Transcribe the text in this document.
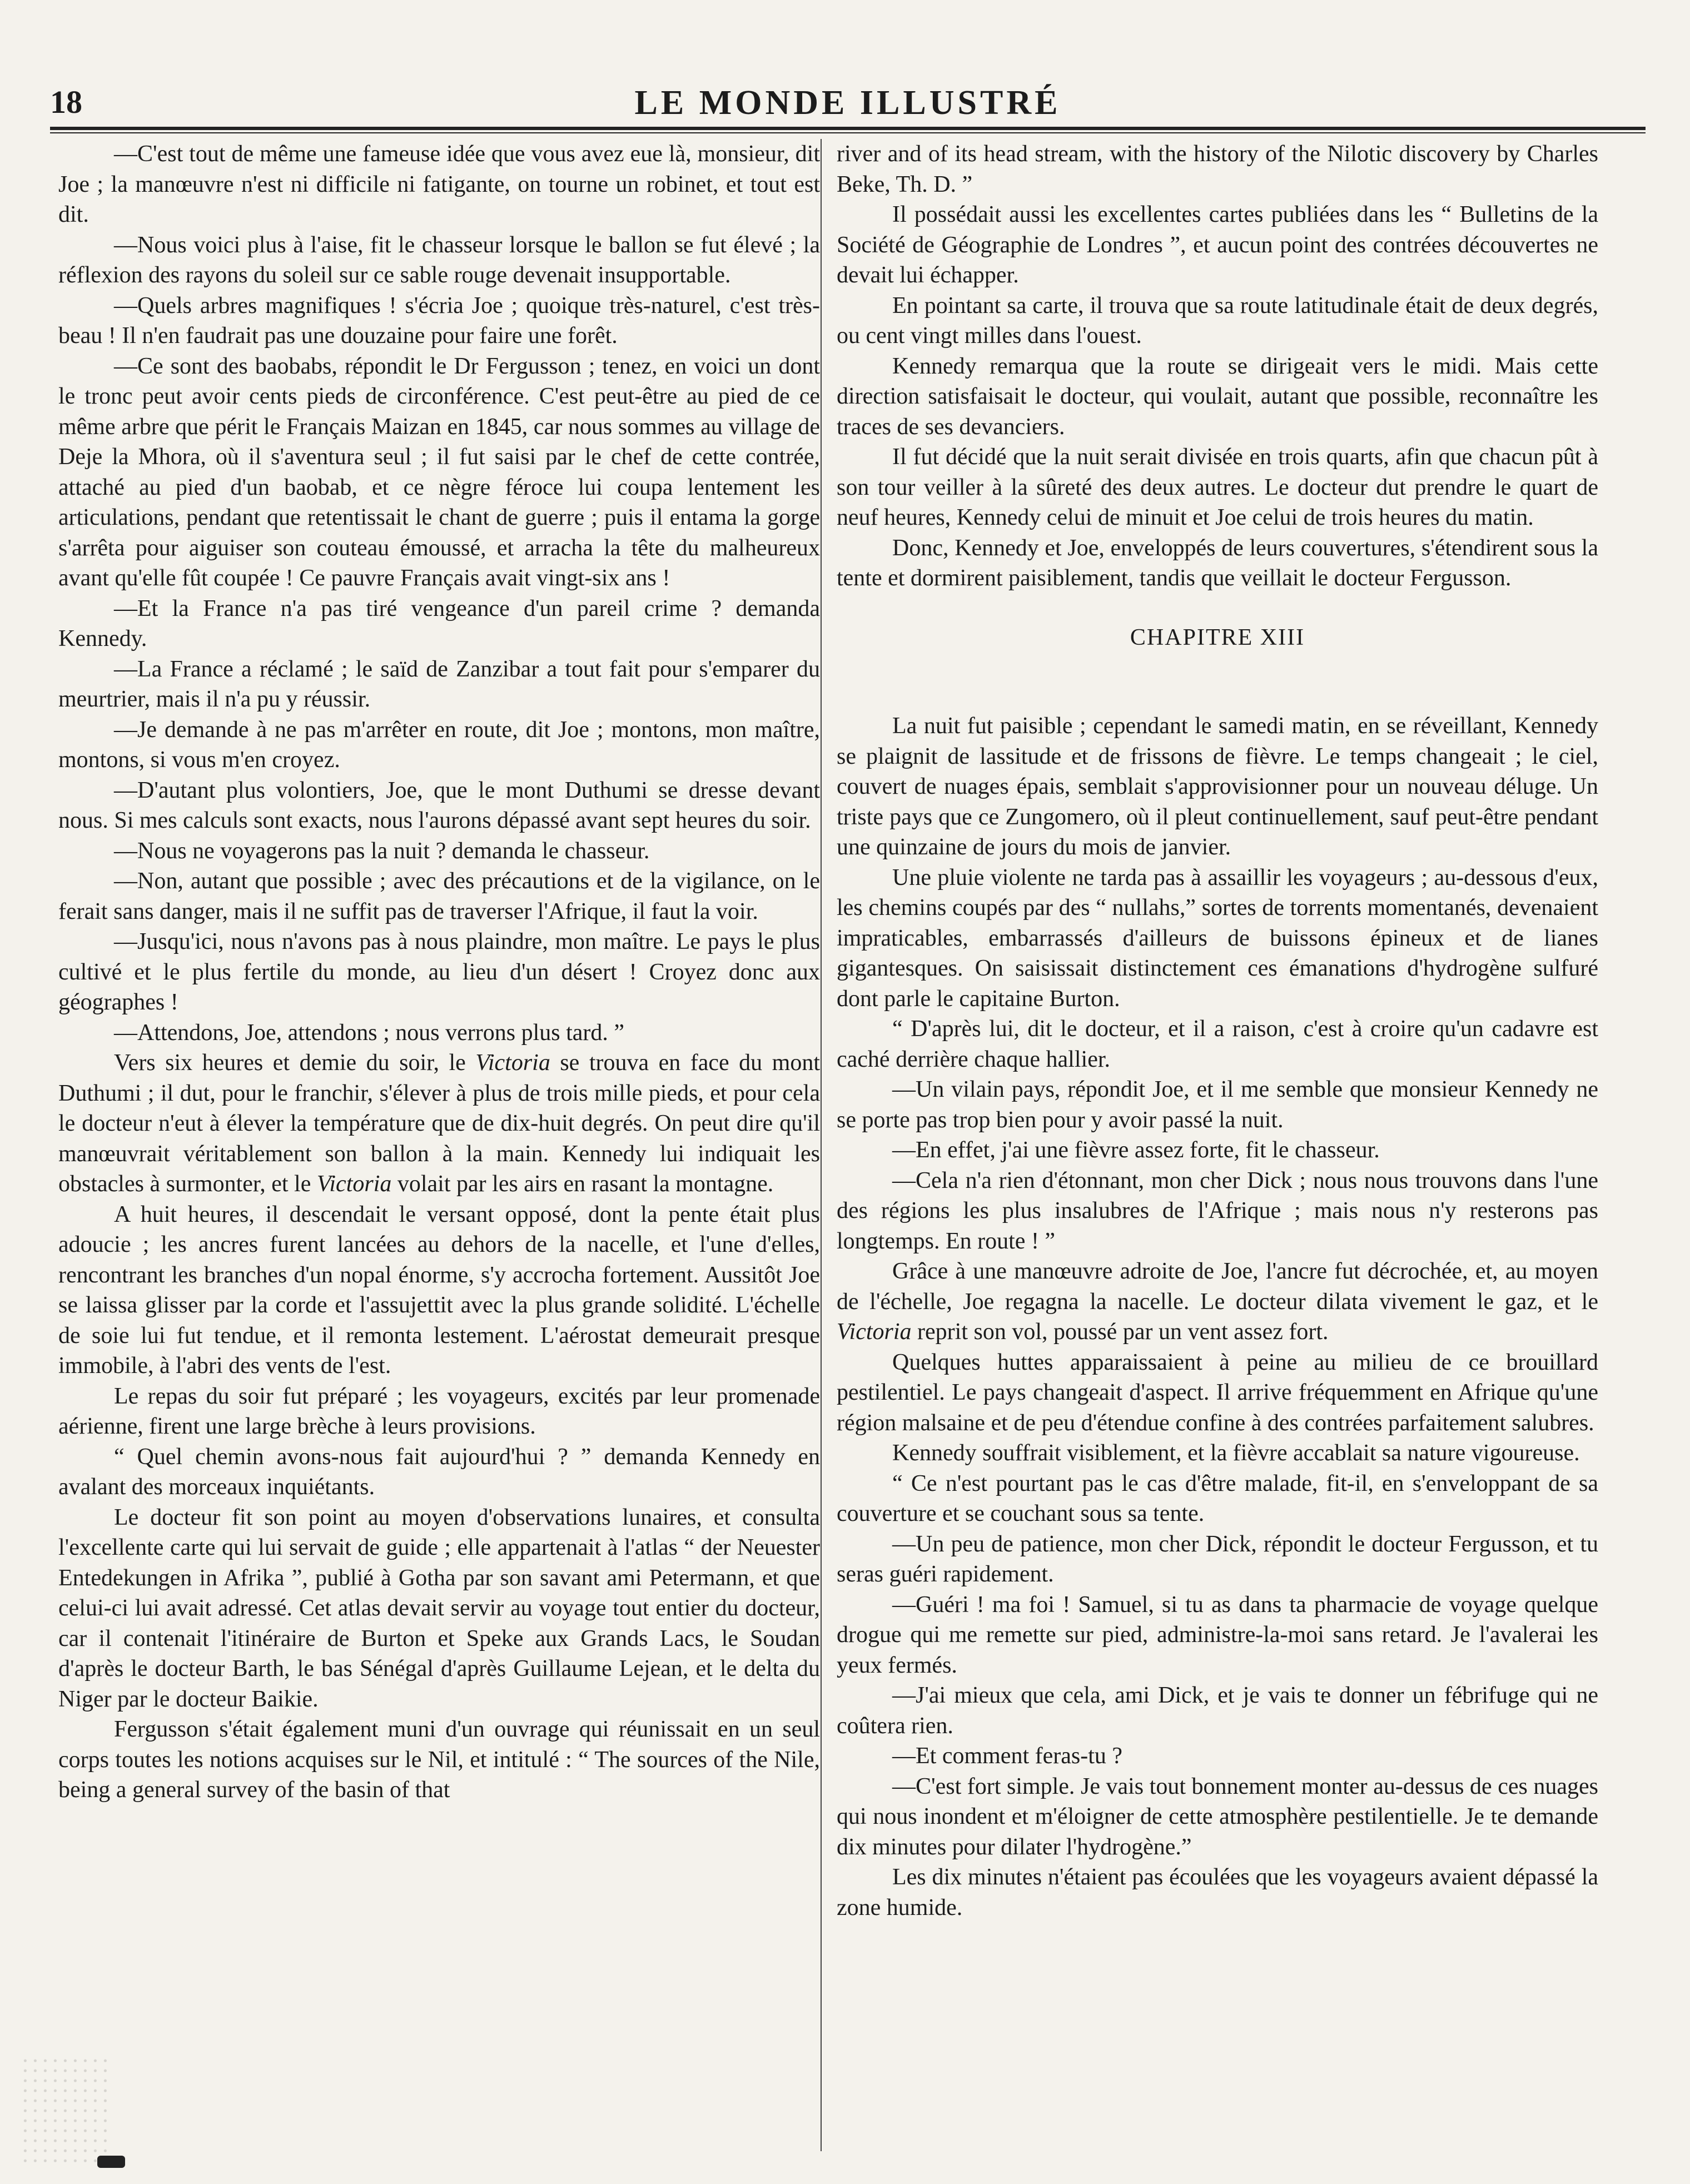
18	LE MONDE ILLUSTRÉ

—C'est tout de même une fameuse idée que vous avez eue là, monsieur, dit Joe ; la manœuvre n'est ni difficile ni fatigante, on tourne un robinet, et tout est dit.

—Nous voici plus à l'aise, fit le chasseur lorsque le ballon se fut élevé ; la réflexion des rayons du soleil sur ce sable rouge devenait insupportable.

—Quels arbres magnifiques ! s'écria Joe ; quoique très-naturel, c'est très-beau ! Il n'en faudrait pas une douzaine pour faire une forêt.

—Ce sont des baobabs, répondit le Dr Fergusson ; tenez, en voici un dont le tronc peut avoir cents pieds de circonférence. C'est peut-être au pied de ce même arbre que périt le Français Maizan en 1845, car nous sommes au village de Deje la Mhora, où il s'aventura seul ; il fut saisi par le chef de cette contrée, attaché au pied d'un baobab, et ce nègre féroce lui coupa lentement les articulations, pendant que retentissait le chant de guerre ; puis il entama la gorge s'arrêta pour aiguiser son couteau émoussé, et arracha la tête du malheureux avant qu'elle fût coupée ! Ce pauvre Français avait vingt-six ans !

—Et la France n'a pas tiré vengeance d'un pareil crime ? demanda Kennedy.

—La France a réclamé ; le saïd de Zanzibar a tout fait pour s'emparer du meurtrier, mais il n'a pu y réussir.

—Je demande à ne pas m'arrêter en route, dit Joe ; montons, mon maître, montons, si vous m'en croyez.

—D'autant plus volontiers, Joe, que le mont Duthumi se dresse devant nous. Si mes calculs sont exacts, nous l'aurons dépassé avant sept heures du soir.

—Nous ne voyagerons pas la nuit ? demanda le chasseur.

—Non, autant que possible ; avec des précautions et de la vigilance, on le ferait sans danger, mais il ne suffit pas de traverser l'Afrique, il faut la voir.

—Jusqu'ici, nous n'avons pas à nous plaindre, mon maître. Le pays le plus cultivé et le plus fertile du monde, au lieu d'un désert ! Croyez donc aux géographes !

—Attendons, Joe, attendons ; nous verrons plus tard. ”

Vers six heures et demie du soir, le Victoria se trouva en face du mont Duthumi ; il dut, pour le franchir, s'élever à plus de trois mille pieds, et pour cela le docteur n'eut à élever la température que de dix-huit degrés. On peut dire qu'il manœuvrait véritablement son ballon à la main. Kennedy lui indiquait les obstacles à surmonter, et le Victoria volait par les airs en rasant la montagne.

A huit heures, il descendait le versant opposé, dont la pente était plus adoucie ; les ancres furent lancées au dehors de la nacelle, et l'une d'elles, rencontrant les branches d'un nopal énorme, s'y accrocha fortement. Aussitôt Joe se laissa glisser par la corde et l'assujettit avec la plus grande solidité. L'échelle de soie lui fut tendue, et il remonta lestement. L'aérostat demeurait presque immobile, à l'abri des vents de l'est.

Le repas du soir fut préparé ; les voyageurs, excités par leur promenade aérienne, firent une large brèche à leurs provisions.

“ Quel chemin avons-nous fait aujourd'hui ? ” demanda Kennedy en avalant des morceaux inquiétants.

Le docteur fit son point au moyen d'observations lunaires, et consulta l'excellente carte qui lui servait de guide ; elle appartenait à l'atlas “ der Neuester Entedekungen in Afrika ”, publié à Gotha par son savant ami Petermann, et que celui-ci lui avait adressé. Cet atlas devait servir au voyage tout entier du docteur, car il contenait l'itinéraire de Burton et Speke aux Grands Lacs, le Soudan d'après le docteur Barth, le bas Sénégal d'après Guillaume Lejean, et le delta du Niger par le docteur Baikie.

Fergusson s'était également muni d'un ouvrage qui réunissait en un seul corps toutes les notions acquises sur le Nil, et intitulé : “ The sources of the Nile, being a general survey of the basin of that

river and of its head stream, with the history of the Nilotic discovery by Charles Beke, Th. D. ”

Il possédait aussi les excellentes cartes publiées dans les “ Bulletins de la Société de Géographie de Londres ”, et aucun point des contrées découvertes ne devait lui échapper.

En pointant sa carte, il trouva que sa route latitudinale était de deux degrés, ou cent vingt milles dans l'ouest.

Kennedy remarqua que la route se dirigeait vers le midi. Mais cette direction satisfaisait le docteur, qui voulait, autant que possible, reconnaître les traces de ses devanciers.

Il fut décidé que la nuit serait divisée en trois quarts, afin que chacun pût à son tour veiller à la sûreté des deux autres. Le docteur dut prendre le quart de neuf heures, Kennedy celui de minuit et Joe celui de trois heures du matin.

Donc, Kennedy et Joe, enveloppés de leurs couvertures, s'étendirent sous la tente et dormirent paisiblement, tandis que veillait le docteur Fergusson.

CHAPITRE XIII

La nuit fut paisible ; cependant le samedi matin, en se réveillant, Kennedy se plaignit de lassitude et de frissons de fièvre. Le temps changeait ; le ciel, couvert de nuages épais, semblait s'approvisionner pour un nouveau déluge. Un triste pays que ce Zungomero, où il pleut continuellement, sauf peut-être pendant une quinzaine de jours du mois de janvier.

Une pluie violente ne tarda pas à assaillir les voyageurs ; au-dessous d'eux, les chemins coupés par des “ nullahs,” sortes de torrents momentanés, devenaient impraticables, embarrassés d'ailleurs de buissons épineux et de lianes gigantesques. On saisissait distinctement ces émanations d'hydrogène sulfuré dont parle le capitaine Burton.

“ D'après lui, dit le docteur, et il a raison, c'est à croire qu'un cadavre est caché derrière chaque hallier.

—Un vilain pays, répondit Joe, et il me semble que monsieur Kennedy ne se porte pas trop bien pour y avoir passé la nuit.

—En effet, j'ai une fièvre assez forte, fit le chasseur.

—Cela n'a rien d'étonnant, mon cher Dick ; nous nous trouvons dans l'une des régions les plus insalubres de l'Afrique ; mais nous n'y resterons pas longtemps. En route ! ”

Grâce à une manœuvre adroite de Joe, l'ancre fut décrochée, et, au moyen de l'échelle, Joe regagna la nacelle. Le docteur dilata vivement le gaz, et le Victoria reprit son vol, poussé par un vent assez fort.

Quelques huttes apparaissaient à peine au milieu de ce brouillard pestilentiel. Le pays changeait d'aspect. Il arrive fréquemment en Afrique qu'une région malsaine et de peu d'étendue confine à des contrées parfaitement salubres.

Kennedy souffrait visiblement, et la fièvre accablait sa nature vigoureuse.

“ Ce n'est pourtant pas le cas d'être malade, fit-il, en s'enveloppant de sa couverture et se couchant sous sa tente.

—Un peu de patience, mon cher Dick, répondit le docteur Fergusson, et tu seras guéri rapidement.

—Guéri ! ma foi ! Samuel, si tu as dans ta pharmacie de voyage quelque drogue qui me remette sur pied, administre-la-moi sans retard. Je l'avalerai les yeux fermés.

—J'ai mieux que cela, ami Dick, et je vais te donner un fébrifuge qui ne coûtera rien.

—Et comment feras-tu ?

—C'est fort simple. Je vais tout bonnement monter au-dessus de ces nuages qui nous inondent et m'éloigner de cette atmosphère pestilentielle. Je te demande dix minutes pour dilater l'hydrogène.”

Les dix minutes n'étaient pas écoulées que les voyageurs avaient dépassé la zone humide.
